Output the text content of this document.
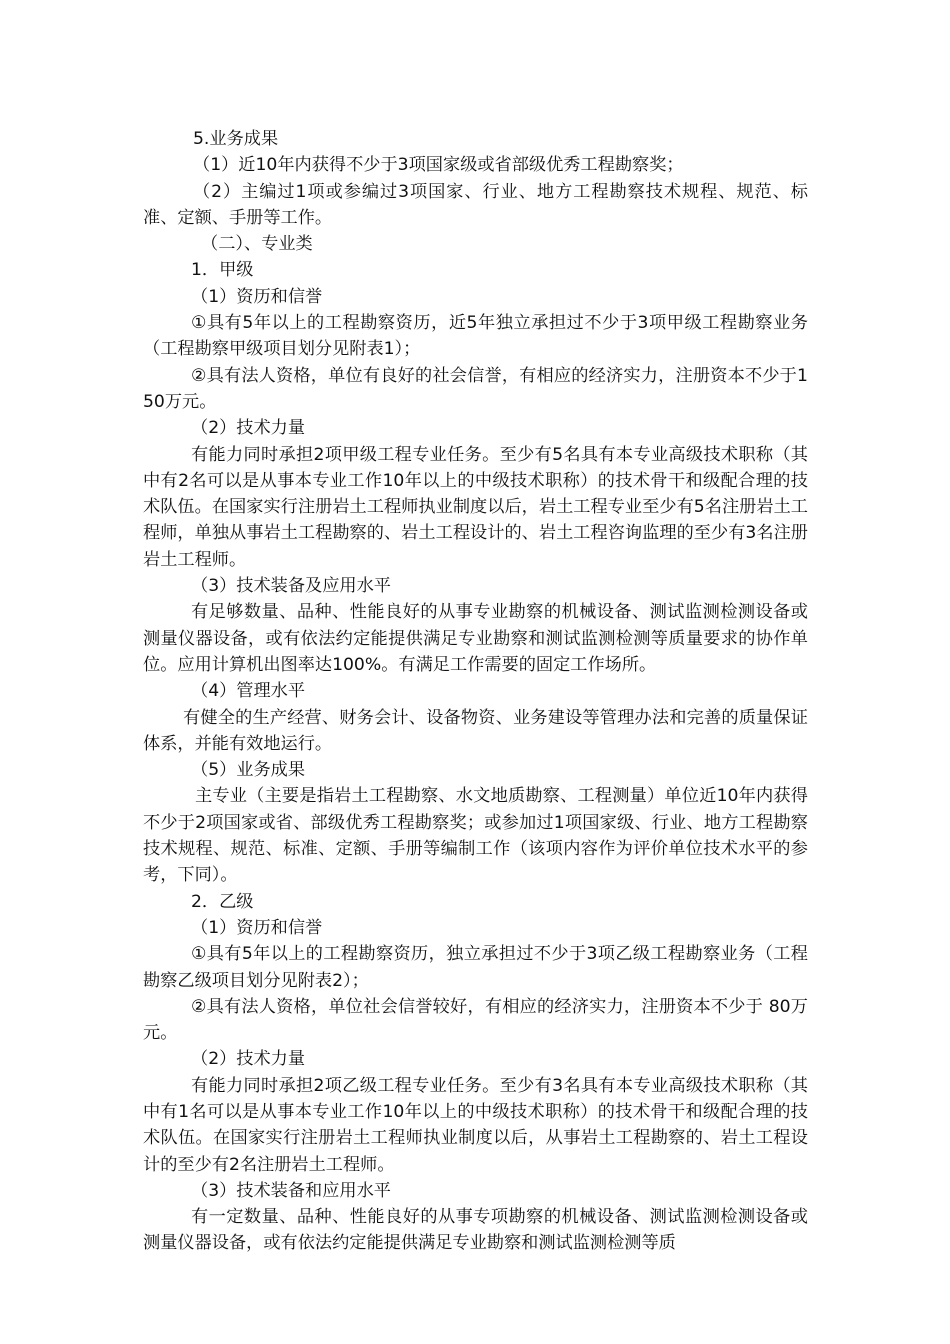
5.业务成果

（1）近10年内获得不少于3项国家级或省部级优秀工程勘察奖；

（2）主编过1项或参编过3项国家、行业、地方工程勘察技术规程、规范、标准、定额、手册等工作。

（二）、专业类

1．甲级

（1）资历和信誉

①具有5年以上的工程勘察资历，近5年独立承担过不少于3项甲级工程勘察业务（工程勘察甲级项目划分见附表1）；

②具有法人资格，单位有良好的社会信誉，有相应的经济实力，注册资本不少于150万元。

（2）技术力量

有能力同时承担2项甲级工程专业任务。至少有5名具有本专业高级技术职称（其中有2名可以是从事本专业工作10年以上的中级技术职称）的技术骨干和级配合理的技术队伍。在国家实行注册岩土工程师执业制度以后，岩土工程专业至少有5名注册岩土工程师，单独从事岩土工程勘察的、岩土工程设计的、岩土工程咨询监理的至少有3名注册岩土工程师。

（3）技术装备及应用水平

有足够数量、品种、性能良好的从事专业勘察的机械设备、测试监测检测设备或测量仪器设备，或有依法约定能提供满足专业勘察和测试监测检测等质量要求的协作单位。应用计算机出图率达100%。有满足工作需要的固定工作场所。

（4）管理水平

有健全的生产经营、财务会计、设备物资、业务建设等管理办法和完善的质量保证体系，并能有效地运行。

（5）业务成果

主专业（主要是指岩土工程勘察、水文地质勘察、工程测量）单位近10年内获得不少于2项国家或省、部级优秀工程勘察奖；或参加过1项国家级、行业、地方工程勘察技术规程、规范、标准、定额、手册等编制工作（该项内容作为评价单位技术水平的参考，下同）。

2．乙级

（1）资历和信誉

①具有5年以上的工程勘察资历，独立承担过不少于3项乙级工程勘察业务（工程勘察乙级项目划分见附表2）；

②具有法人资格，单位社会信誉较好，有相应的经济实力，注册资本不少于 80万元。

（2）技术力量

有能力同时承担2项乙级工程专业任务。至少有3名具有本专业高级技术职称（其中有1名可以是从事本专业工作10年以上的中级技术职称）的技术骨干和级配合理的技术队伍。在国家实行注册岩土工程师执业制度以后，从事岩土工程勘察的、岩土工程设计的至少有2名注册岩土工程师。

（3）技术装备和应用水平

有一定数量、品种、性能良好的从事专项勘察的机械设备、测试监测检测设备或测量仪器设备，或有依法约定能提供满足专业勘察和测试监测检测等质
